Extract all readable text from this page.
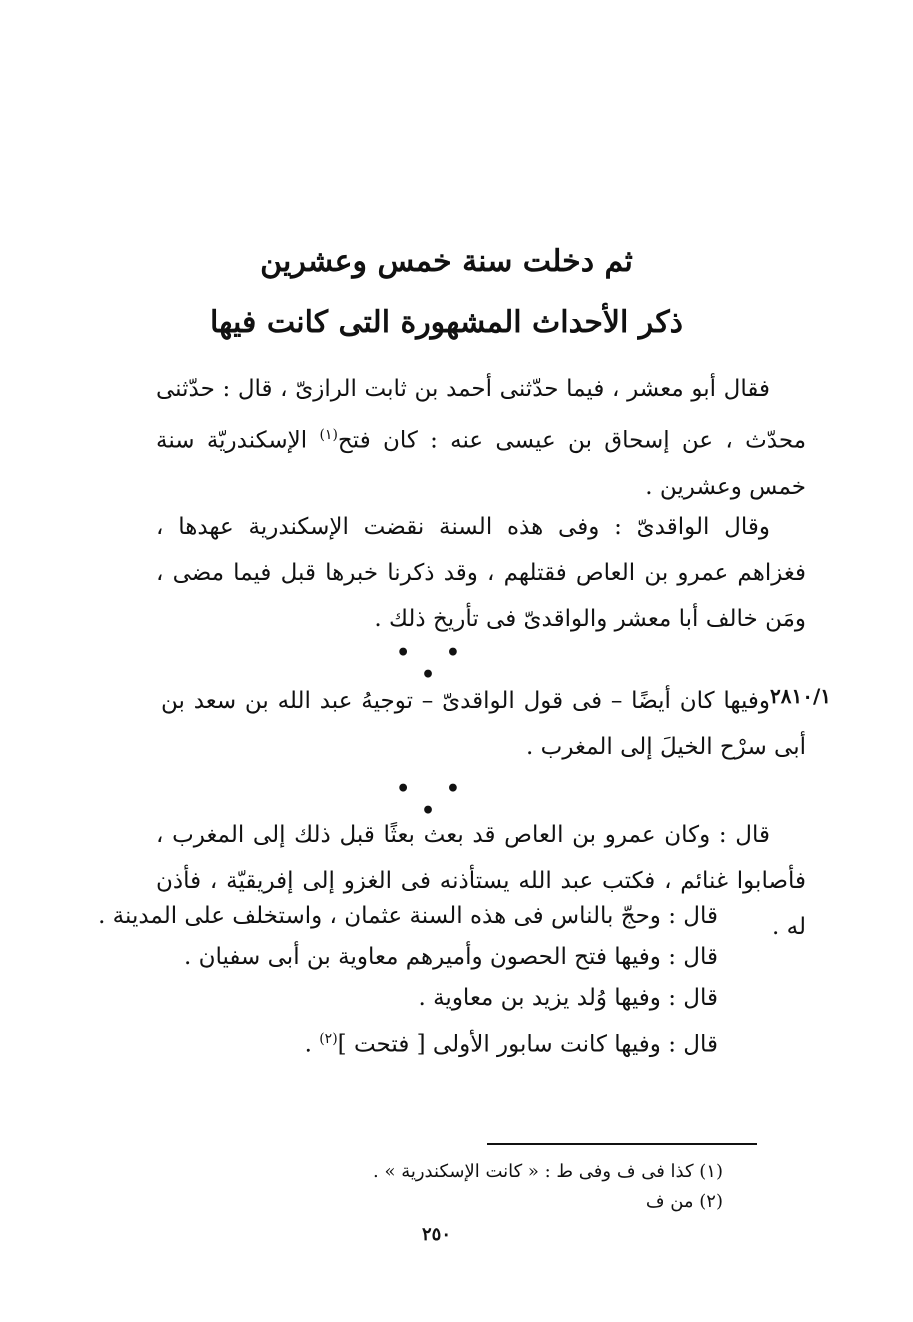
ثم دخلت سنة خمس وعشرين
ذكر الأحداث المشهورة التى كانت فيها
فقال أبو معشر ، فيما حدّثنى أحمد بن ثابت الرازىّ ، قال : حدّثنى محدّث ، عن إسحاق بن عيسى عنه : كان فتح$^{(١)}$ الإسكندريّة سنة خمس وعشرين .
وقال الواقدىّ : وفى هذه السنة نقضت الإسكندرية عهدها ، فغزاهم عمرو بن العاص فقتلهم ، وقد ذكرنا خبرها قبل فيما مضى ، ومَن خالف أبا معشر والواقدىّ فى تأريخ ذلك .
• • •
٢٨١٠/١
وفيها كان أيضًا – فى قول الواقدىّ – توجيهُ عبد الله بن سعد بن أبى سرْح الخيلَ إلى المغرب .
• • •
قال : وكان عمرو بن العاص قد بعث بعثًا قبل ذلك إلى المغرب ، فأصابوا غنائم ، فكتب عبد الله يستأذنه فى الغزو إلى إفريقيّة ، فأذن له .
قال : وحجّ بالناس فى هذه السنة عثمان ، واستخلف على المدينة .
قال : وفيها فتح الحصون وأميرهم معاوية بن أبى سفيان .
قال : وفيها وُلد يزيد بن معاوية .
قال : وفيها كانت سابور الأولى [ فتحت ]$^{(٢)}$ .
(١) كذا فى ف وفى ط : « كانت الإسكندرية » .
(٢) من ف
٢٥٠
